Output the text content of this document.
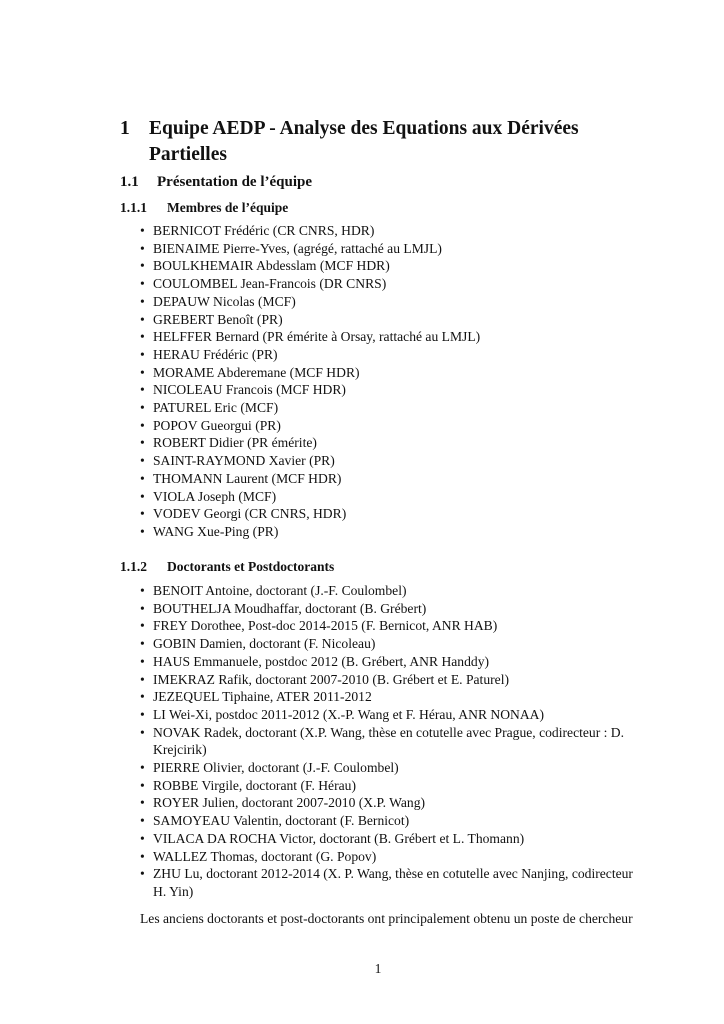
1 Equipe AEDP - Analyse des Equations aux Dérivées Partielles
1.1 Présentation de l’équipe
1.1.1 Membres de l’équipe
• BERNICOT Frédéric (CR CNRS, HDR)
• BIENAIME Pierre-Yves, (agrégé, rattaché au LMJL)
• BOULKHEMAIR Abdesslam (MCF HDR)
• COULOMBEL Jean-Francois (DR CNRS)
• DEPAUW Nicolas (MCF)
• GREBERT Benoît (PR)
• HELFFER Bernard (PR émérite à Orsay, rattaché au LMJL)
• HERAU Frédéric (PR)
• MORAME Abderemane (MCF HDR)
• NICOLEAU Francois (MCF HDR)
• PATUREL Eric (MCF)
• POPOV Gueorgui (PR)
• ROBERT Didier (PR émérite)
• SAINT-RAYMOND Xavier (PR)
• THOMANN Laurent (MCF HDR)
• VIOLA Joseph (MCF)
• VODEV Georgi (CR CNRS, HDR)
• WANG Xue-Ping (PR)
1.1.2 Doctorants et Postdoctorants
• BENOIT Antoine, doctorant (J.-F. Coulombel)
• BOUTHELJA Moudhaffar, doctorant (B. Grébert)
• FREY Dorothee, Post-doc 2014-2015 (F. Bernicot, ANR HAB)
• GOBIN Damien, doctorant (F. Nicoleau)
• HAUS Emmanuele, postdoc 2012 (B. Grébert, ANR Handdy)
• IMEKRAZ Rafik, doctorant 2007-2010 (B. Grébert et E. Paturel)
• JEZEQUEL Tiphaine, ATER 2011-2012
• LI Wei-Xi, postdoc 2011-2012 (X.-P. Wang et F. Hérau, ANR NONAA)
• NOVAK Radek, doctorant (X.P. Wang, thèse en cotutelle avec Prague, codirecteur : D. Krejcirik)
• PIERRE Olivier, doctorant (J.-F. Coulombel)
• ROBBE Virgile, doctorant (F. Hérau)
• ROYER Julien, doctorant 2007-2010 (X.P. Wang)
• SAMOYEAU Valentin, doctorant (F. Bernicot)
• VILACA DA ROCHA Victor, doctorant (B. Grébert et L. Thomann)
• WALLEZ Thomas, doctorant (G. Popov)
• ZHU Lu, doctorant 2012-2014 (X. P. Wang, thèse en cotutelle avec Nanjing, codirecteur H. Yin)

Les anciens doctorants et post-doctorants ont principalement obtenu un poste de chercheur

1
